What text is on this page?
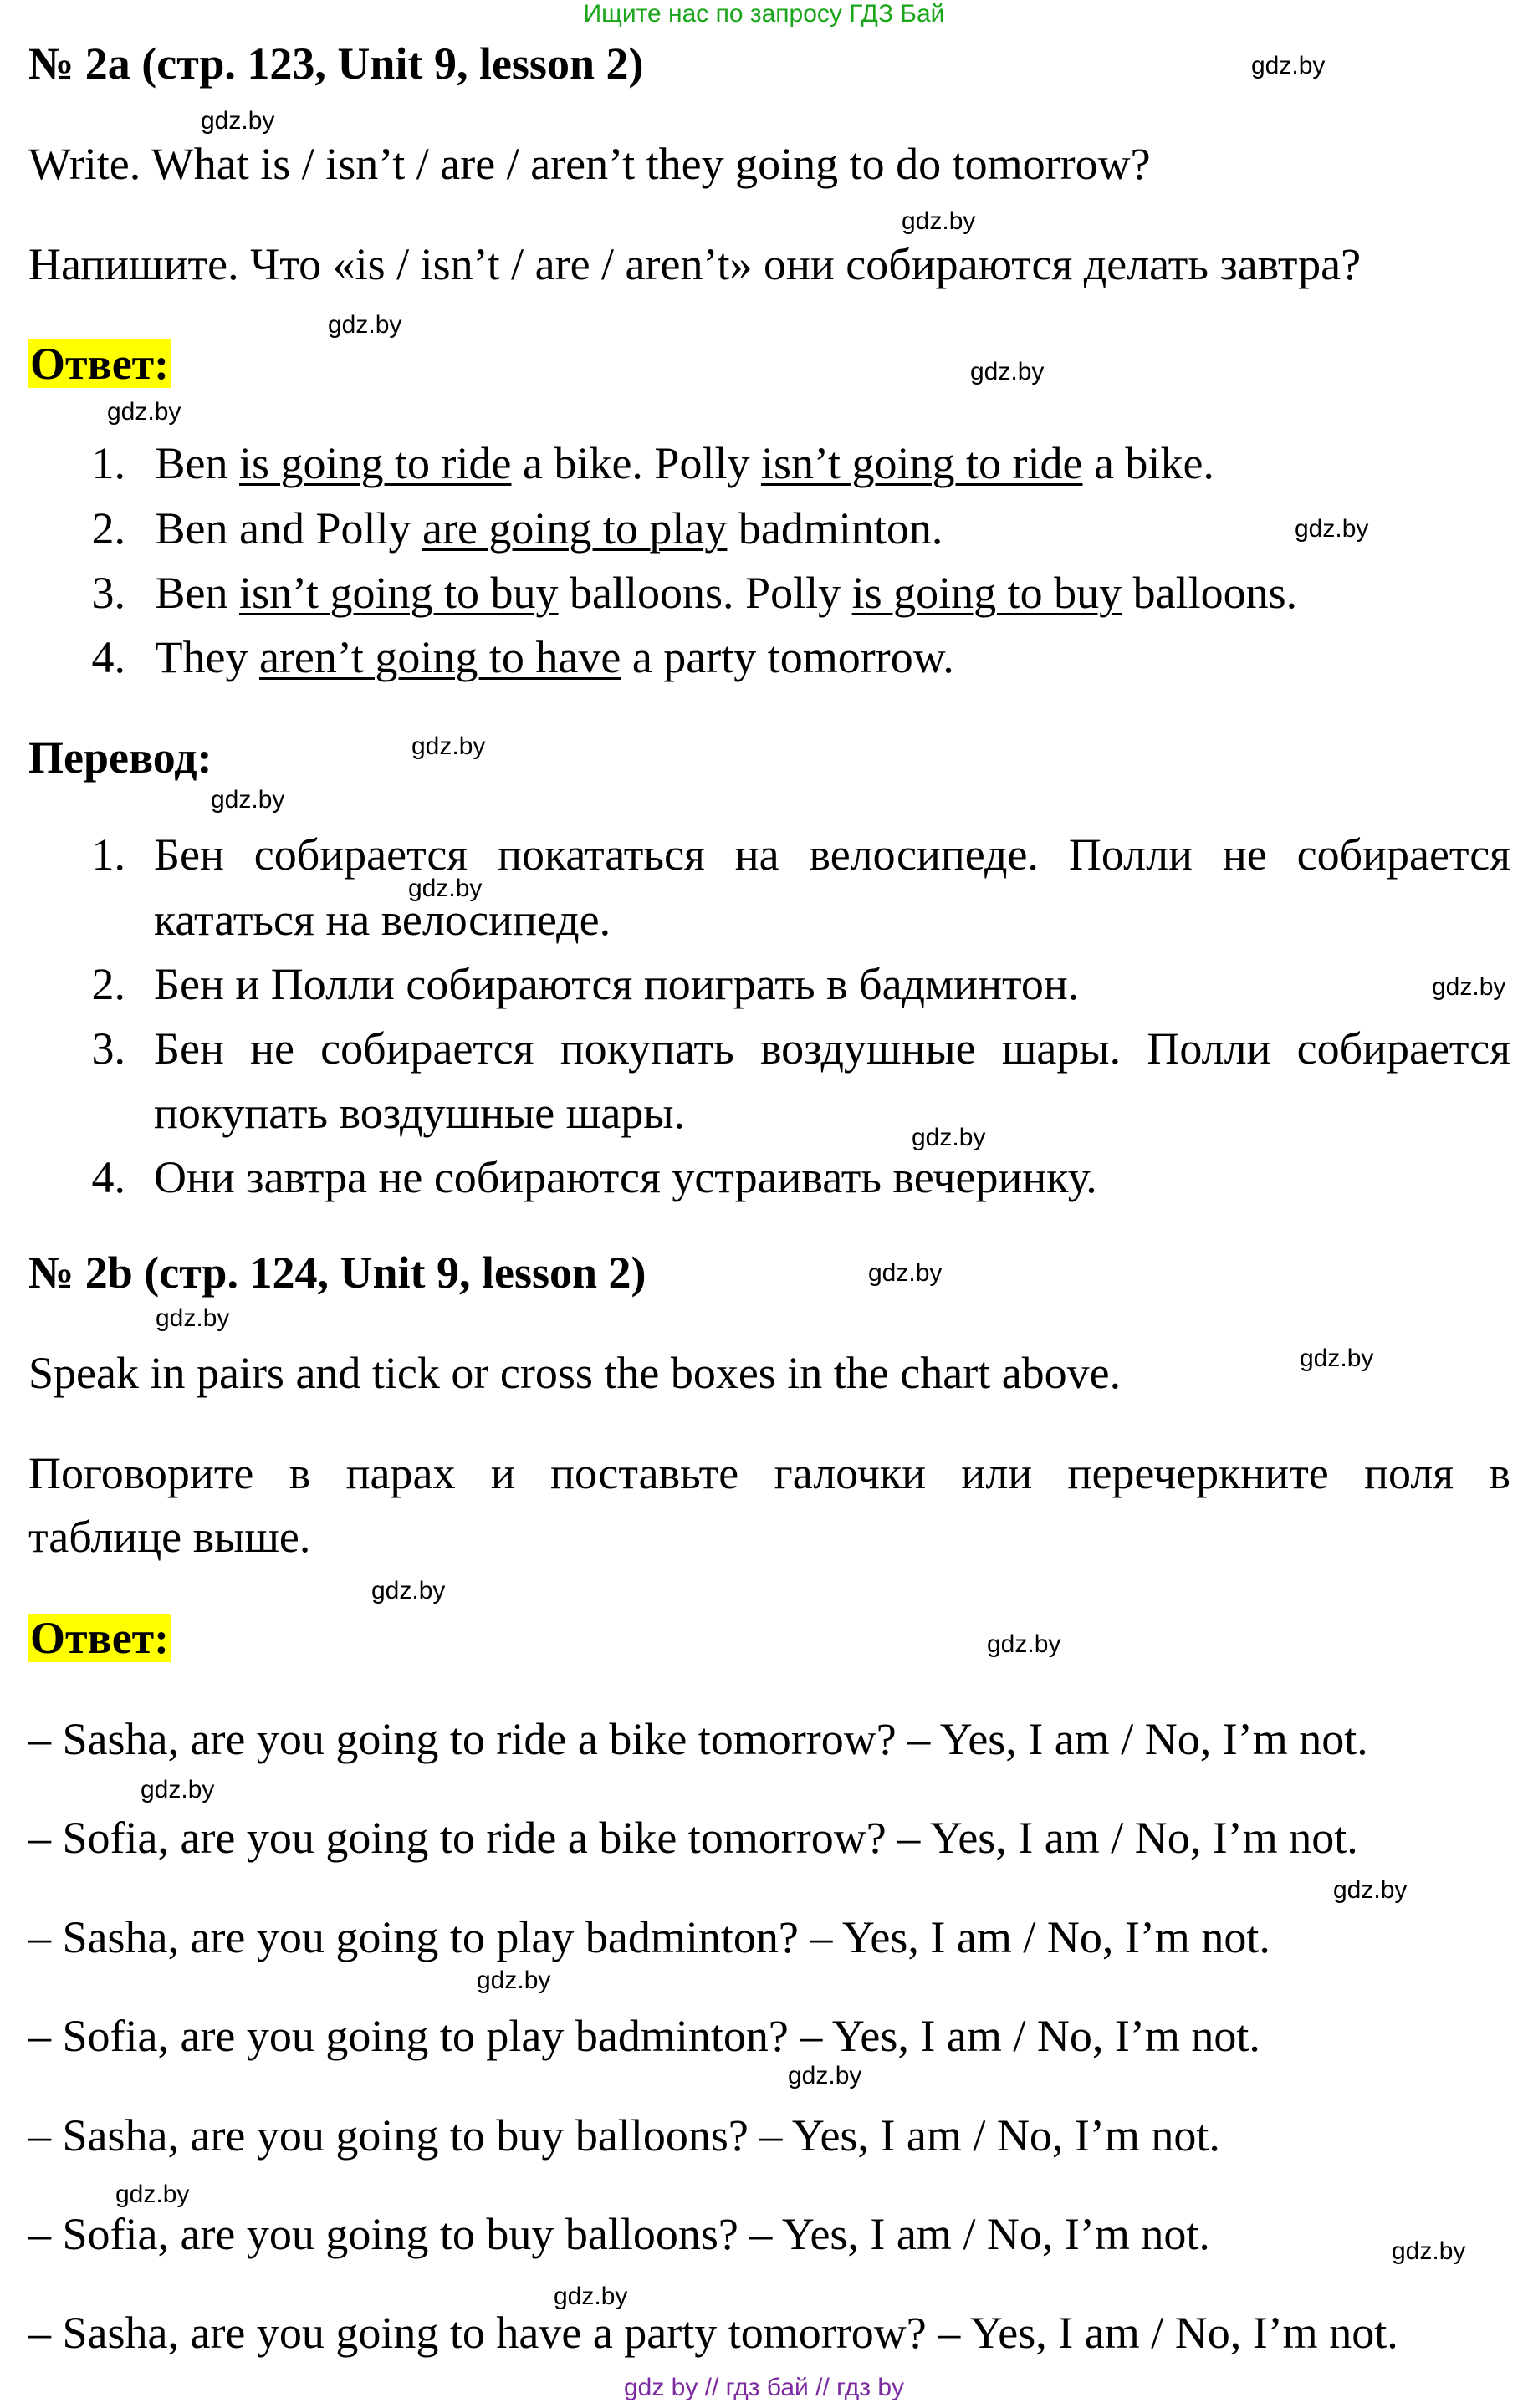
Ищите нас по запросу ГДЗ Бай
№ 2a (стр. 123, Unit 9, lesson 2)
Write. What is / isn’t / are / aren’t they going to do tomorrow?
Напишите. Что «is / isn’t / are / aren’t» они собираются делать завтра?
Ответ:
1. Ben is going to ride a bike. Polly isn’t going to ride a bike.
2. Ben and Polly are going to play badminton.
3. Ben isn’t going to buy balloons. Polly is going to buy balloons.
4. They aren’t going to have a party tomorrow.
Перевод:
1. Бен собирается покататься на велосипеде. Полли не собирается
кататься на велосипеде.
2. Бен и Полли собираются поиграть в бадминтон.
3. Бен не собирается покупать воздушные шары. Полли собирается
покупать воздушные шары.
4. Они завтра не собираются устраивать вечеринку.
№ 2b (стр. 124, Unit 9, lesson 2)
Speak in pairs and tick or cross the boxes in the chart above.
Поговорите в парах и поставьте галочки или перечеркните поля в
таблице выше.
Ответ:
– Sasha, are you going to ride a bike tomorrow? – Yes, I am / No, I’m not.
– Sofia, are you going to ride a bike tomorrow? – Yes, I am / No, I’m not.
– Sasha, are you going to play badminton? – Yes, I am / No, I’m not.
– Sofia, are you going to play badminton? – Yes, I am / No, I’m not.
– Sasha, are you going to buy balloons? – Yes, I am / No, I’m not.
– Sofia, are you going to buy balloons? – Yes, I am / No, I’m not.
– Sasha, are you going to have a party tomorrow? – Yes, I am / No, I’m not.
gdz.by
gdz.by
gdz.by
gdz.by
gdz.by
gdz.by
gdz.by
gdz.by
gdz.by
gdz.by
gdz.by
gdz.by
gdz.by
gdz.by
gdz.by
gdz.by
gdz.by
gdz.by
gdz.by
gdz.by
gdz.by
gdz.by
gdz.by
gdz.by
gdz by // гдз бай // гдз by
